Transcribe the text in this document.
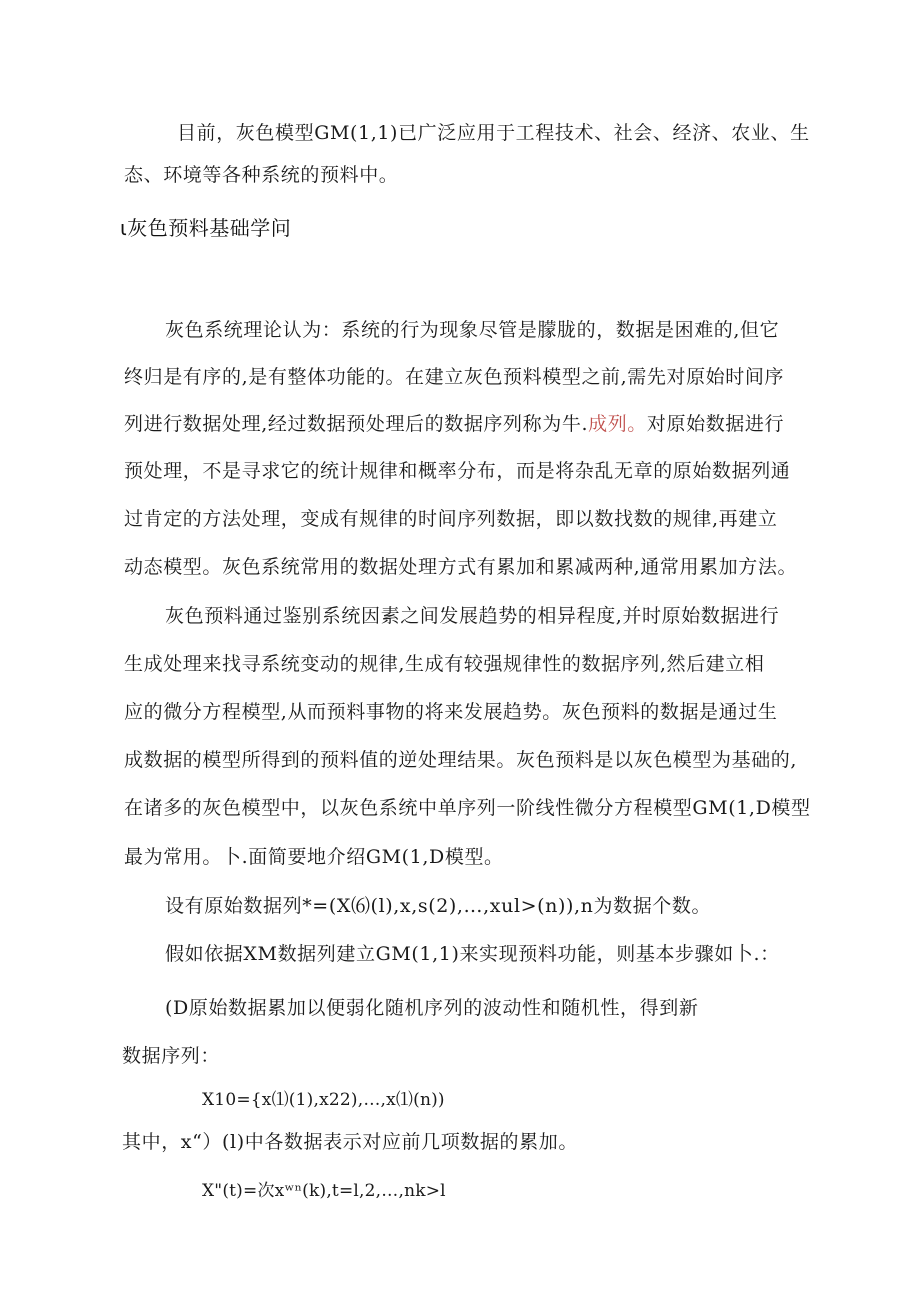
目前，灰色模型GM(1,1)已广泛应用于工程技术、社会、经济、农业、生
态、环境等各种系统的预料中。
ι灰色预料基础学问
灰色系统理论认为：系统的行为现象尽管是朦胧的，数据是困难的,但它
终归是有序的,是有整体功能的。在建立灰色预料模型之前,需先对原始时间序
列进行数据处理,经过数据预处理后的数据序列称为牛.成列。对原始数据进行
预处理，不是寻求它的统计规律和概率分布，而是将杂乱无章的原始数据列通
过肯定的方法处理，变成有规律的时间序列数据，即以数找数的规律,再建立
动态模型。灰色系统常用的数据处理方式有累加和累减两种,通常用累加方法。
灰色预料通过鉴别系统因素之间发展趋势的相异程度,并时原始数据进行
生成处理来找寻系统变动的规律,生成有较强规律性的数据序列,然后建立相
应的微分方程模型,从而预料事物的将来发展趋势。灰色预料的数据是通过生
成数据的模型所得到的预料值的逆处理结果。灰色预料是以灰色模型为基础的,
在诸多的灰色模型中，以灰色系统中单序列一阶线性微分方程模型GM(1,D模型
最为常用。卜.面简要地介绍GM(1,D模型。
设有原始数据列*=(X⑹(l),x,s(2),…,xul>(n)),n为数据个数。
假如依据XM数据列建立GM(1,1)来实现预料功能，则基本步骤如卜.：
(D原始数据累加以便弱化随机序列的波动性和随机性，得到新
数据序列：
X10={x⑴(1),x22),…,x⑴(n))
其中，x“）(l)中各数据表示对应前几项数据的累加。
X"(t)=次xʷⁿ(k),t=l,2,…,nk>l
